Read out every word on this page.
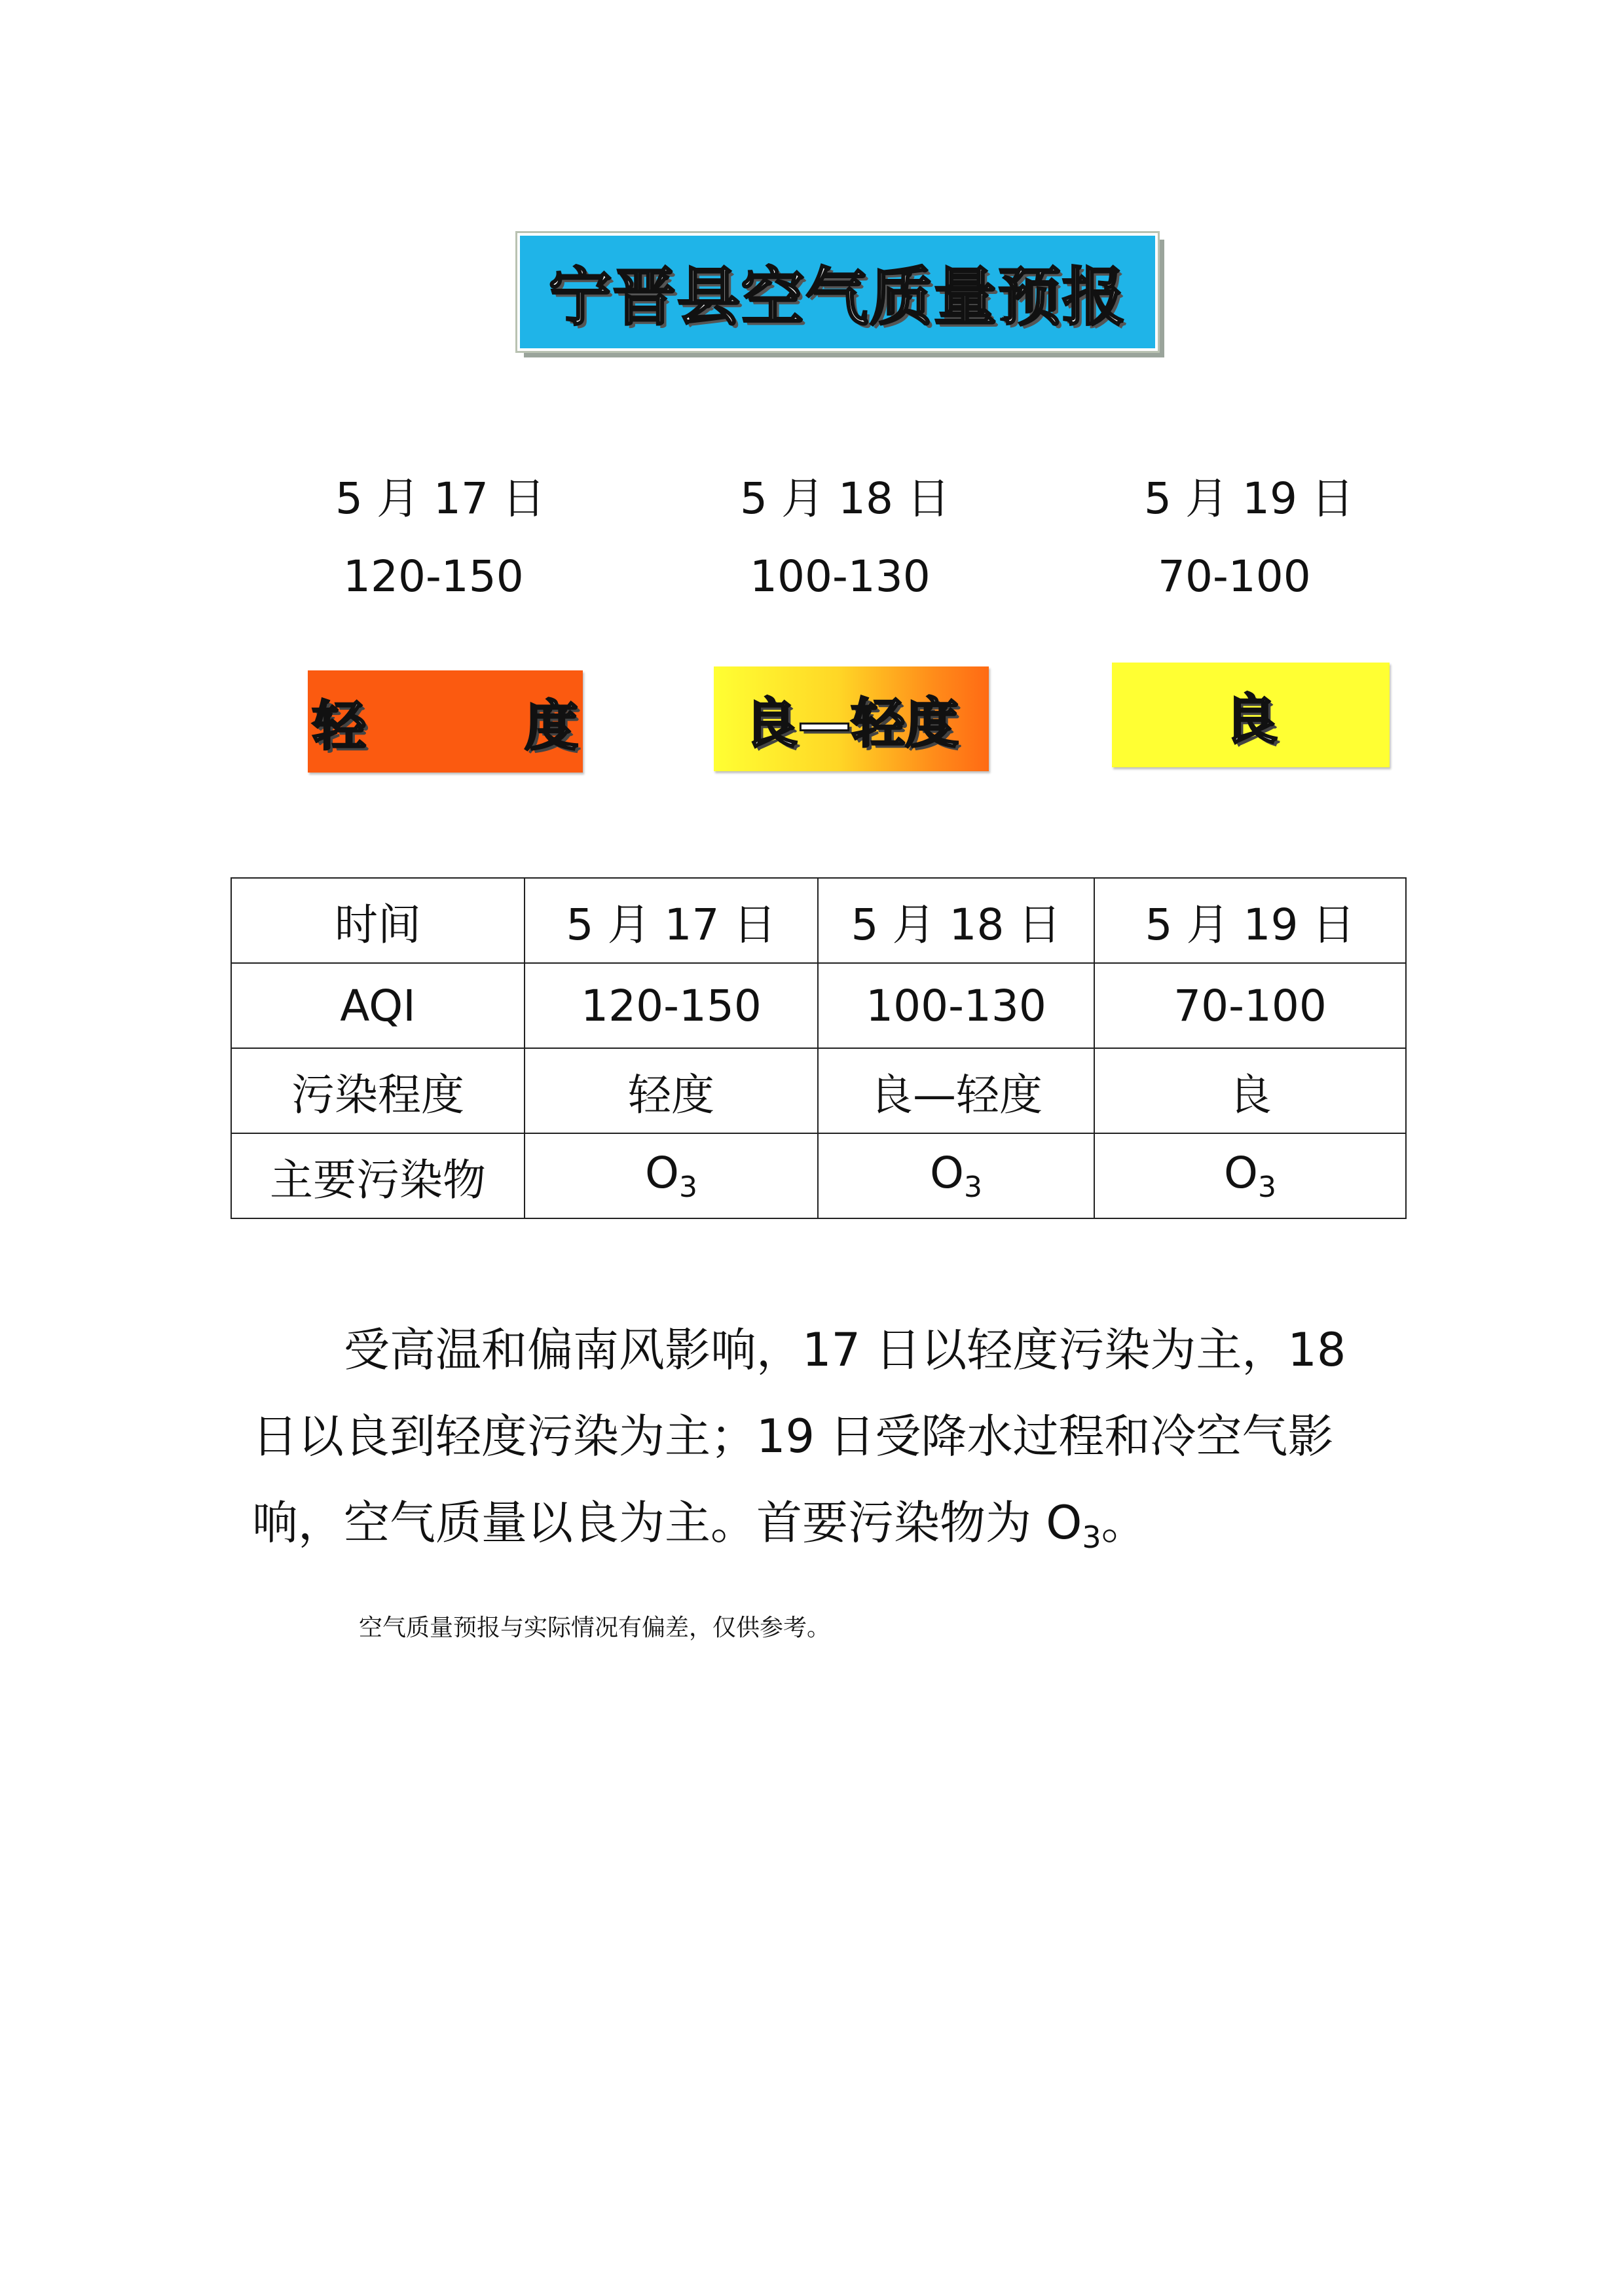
宁晋县空气质量预报
5 月 17 日	5 月 18 日	5 月 19 日
120-150	100-130	70-100
轻　度 良—轻度	良
时间	5 月 17 日	5 月 18 日	5 月 19 日
AQI	120-150	100-130	70-100
污染程度	轻度	良—轻度	良
主要污染物	$O_3$	$O_3$	$O_3$
受高温和偏南风影响，17 日以轻度污染为主，18
日以良到轻度污染为主；19 日受降水过程和冷空气影
响，空气质量以良为主。首要污染物为 $O_3$。
空气质量预报与实际情况有偏差，仅供参考。
